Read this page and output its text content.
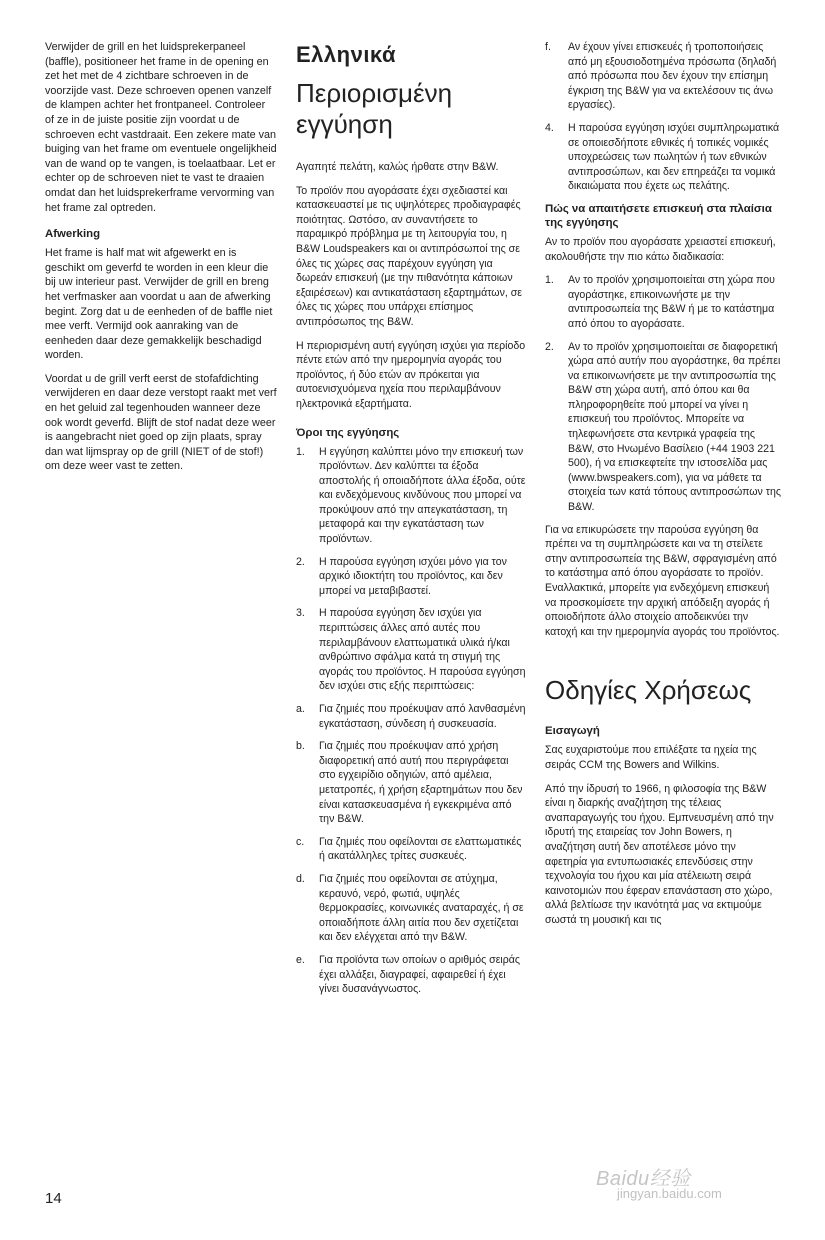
Verwijder de grill en het luidsprekerpaneel (baffle), positioneer het frame in de opening en zet het met de 4 zichtbare schroeven in de voorzijde vast. Deze schroeven openen vanzelf de klampen achter het frontpaneel. Controleer of ze in de juiste positie zijn voordat u de schroeven echt vastdraait. Een zekere mate van buiging van het frame om eventuele ongelijkheid van de wand op te vangen, is toelaatbaar. Let er echter op de schroeven niet te vast te draaien omdat dan het luidsprekerframe vervorming van het frame zal optreden.

Afwerking

Het frame is half mat wit afgewerkt en is geschikt om geverfd te worden in een kleur die bij uw interieur past. Verwijder de grill en breng het verfmasker aan voordat u aan de afwerking begint. Zorg dat u de eenheden of de baffle niet mee verft. Vermijd ook aanraking van de eenheden daar deze gemakkelijk beschadigd worden.

Voordat u de grill verft eerst de stofafdichting verwijderen en daar deze verstopt raakt met verf en het geluid zal tegenhouden wanneer deze ook wordt geverfd. Blijft de stof nadat deze weer is aangebracht niet goed op zijn plaats, spray dan wat lijmspray op de grill (NIET of de stof!) om deze weer vast te zetten.

Ελληνικά
Περιορισμένη εγγύηση

Αγαπητέ πελάτη, καλώς ήρθατε στην B&W.

Το προϊόν που αγοράσατε έχει σχεδιαστεί και κατασκευαστεί με τις υψηλότερες προδιαγραφές ποιότητας. Ωστόσο, αν συναντήσετε το παραμικρό πρόβλημα με τη λειτουργία του, η B&W Loudspeakers και οι αντιπρόσωποί της σε όλες τις χώρες σας παρέχουν εγγύηση για δωρεάν επισκευή (με την πιθανότητα κάποιων εξαιρέσεων) και αντικατάσταση εξαρτημάτων, σε όλες τις χώρες που υπάρχει επίσημος αντιπρόσωπος της B&W.

Η περιορισμένη αυτή εγγύηση ισχύει για περίοδο πέντε ετών από την ημερομηνία αγοράς του προϊόντος, ή δύο ετών αν πρόκειται για αυτοενισχυόμενα ηχεία που περιλαμβάνουν ηλεκτρονικά εξαρτήματα.

Όροι της εγγύησης
1.	Η εγγύηση καλύπτει μόνο την επισκευή των προϊόντων. Δεν καλύπτει τα έξοδα αποστολής ή οποιαδήποτε άλλα έξοδα, ούτε και ενδεχόμενους κινδύνους που μπορεί να προκύψουν από την απεγκατάσταση, τη μεταφορά και την εγκατάσταση των προϊόντων.
2.	Η παρούσα εγγύηση ισχύει μόνο για τον αρχικό ιδιοκτήτη του προϊόντος, και δεν μπορεί να μεταβιβαστεί.
3.	Η παρούσα εγγύηση δεν ισχύει για περιπτώσεις άλλες από αυτές που περιλαμβάνουν ελαττωματικά υλικά ή/και ανθρώπινο σφάλμα κατά τη στιγμή της αγοράς του προϊόντος. Η παρούσα εγγύηση δεν ισχύει στις εξής περιπτώσεις:
a.	Για ζημιές που προέκυψαν από λανθασμένη εγκατάσταση, σύνδεση ή συσκευασία.
b.	Για ζημιές που προέκυψαν από χρήση διαφορετική από αυτή που περιγράφεται στο εγχειρίδιο οδηγιών, από αμέλεια, μετατροπές, ή χρήση εξαρτημάτων που δεν είναι κατασκευασμένα ή εγκεκριμένα από την B&W.
c.	Για ζημιές που οφείλονται σε ελαττωματικές ή ακατάλληλες τρίτες συσκευές.
d.	Για ζημιές που οφείλονται σε ατύχημα, κεραυνό, νερό, φωτιά, υψηλές θερμοκρασίες, κοινωνικές αναταραχές, ή σε οποιαδήποτε άλλη αιτία που δεν σχετίζεται και δεν ελέγχεται από την B&W.
e.	Για προϊόντα των οποίων ο αριθμός σειράς έχει αλλάξει, διαγραφεί, αφαιρεθεί ή έχει γίνει δυσανάγνωστος.
f.	Αν έχουν γίνει επισκευές ή τροποποιήσεις από μη εξουσιοδοτημένα πρόσωπα (δηλαδή από πρόσωπα που δεν έχουν την επίσημη έγκριση της B&W για να εκτελέσουν τις άνω εργασίες).
4.	Η παρούσα εγγύηση ισχύει συμπληρωματικά σε οποιεσδήποτε εθνικές ή τοπικές νομικές υποχρεώσεις των πωλητών ή των εθνικών αντιπροσώπων, και δεν επηρεάζει τα νομικά δικαιώματα που έχετε ως πελάτης.
Πώς να απαιτήσετε επισκευή στα πλαίσια της εγγύησης

Αν το προϊόν που αγοράσατε χρειαστεί επισκευή, ακολουθήστε την πιο κάτω διαδικασία:

1.	Αν το προϊόν χρησιμοποιείται στη χώρα που αγοράστηκε, επικοινωνήστε με την αντιπροσωπεία της B&W ή με το κατάστημα από όπου το αγοράσατε.
2.	Αν το προϊόν χρησιμοποιείται σε διαφορετική χώρα από αυτήν που αγοράστηκε, θα πρέπει να επικοινωνήσετε με την αντιπροσωπία της B&W στη χώρα αυτή, από όπου και θα πληροφορηθείτε πού μπορεί να γίνει η επισκευή του προϊόντος. Μπορείτε να τηλεφωνήσετε στα κεντρικά γραφεία της B&W, στο Ηνωμένο Βασίλειο (+44 1903 221 500), ή να επισκεφτείτε την ιστοσελίδα μας (www.bwspeakers.com), για να μάθετε τα στοιχεία των κατά τόπους αντιπροσώπων της B&W.

Για να επικυρώσετε την παρούσα εγγύηση θα πρέπει να τη συμπληρώσετε και να τη στείλετε στην αντιπροσωπεία της B&W, σφραγισμένη από το κατάστημα από όπου αγοράσατε το προϊόν. Εναλλακτικά, μπορείτε για ενδεχόμενη επισκευή να προσκομίσετε την αρχική απόδειξη αγοράς ή οποιοδήποτε άλλο στοιχείο αποδεικνύει την κατοχή και την ημερομηνία αγοράς του προϊόντος.

Οδηγίες Χρήσεως
Εισαγωγή

Σας ευχαριστούμε που επιλέξατε τα ηχεία της σειράς CCM της Bowers and Wilkins.

Από την ίδρυσή το 1966, η φιλοσοφία της B&W είναι η διαρκής αναζήτηση της τέλειας αναπαραγωγής του ήχου. Εμπνευσμένη από την ιδρυτή της εταιρείας τον John Bowers, η αναζήτηση αυτή δεν αποτέλεσε μόνο την αφετηρία για εντυπωσιακές επενδύσεις στην τεχνολογία του ήχου και μία ατέλειωτη σειρά καινοτομιών που έφεραν επανάσταση στο χώρο, αλλά βελτίωσε την ικανότητά μας να εκτιμούμε σωστά τη μουσική και τις

14
Baidu经验
jingyan.baidu.com
